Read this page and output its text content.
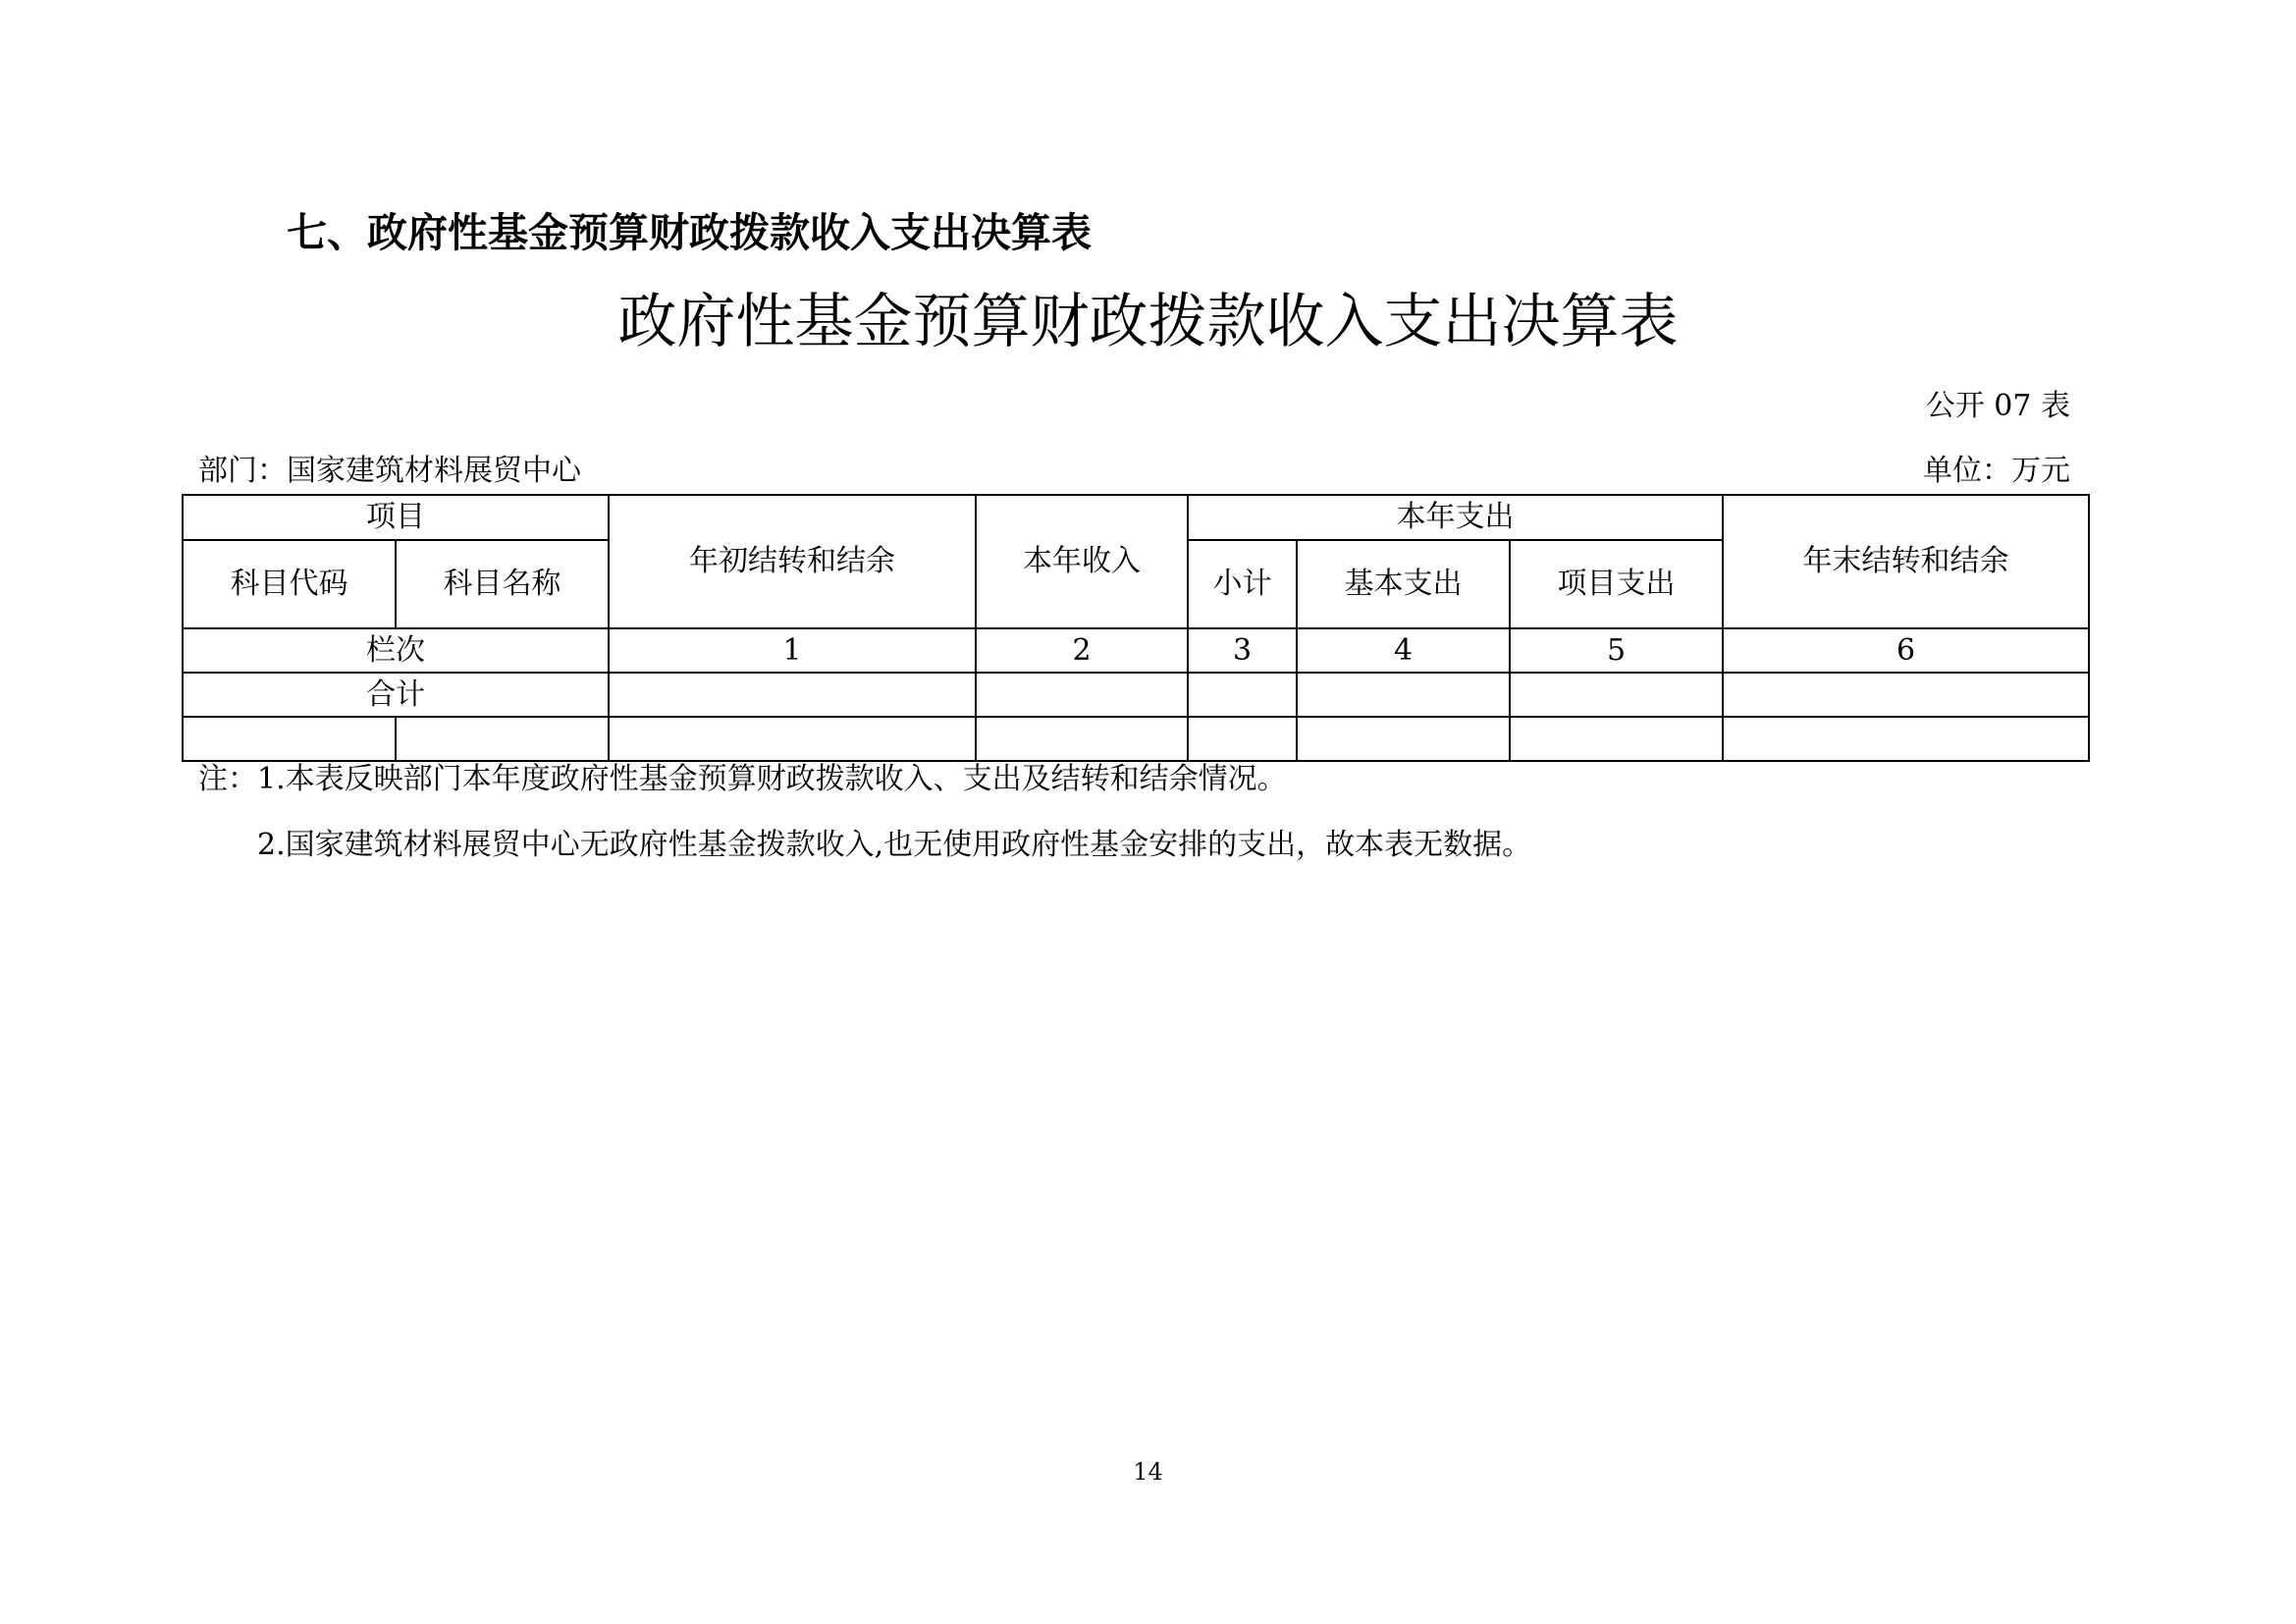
七、政府性基金预算财政拨款收入支出决算表
政府性基金预算财政拨款收入支出决算表
公开 07 表
部门：国家建筑材料展贸中心	单位：万元
项目		年初结转和结余	本年收入	本年支出			年末结转和结余
科目代码	科目名称			小计	基本支出	项目支出	
栏次		1	2	3	4	5	6
合计							

注：1.本表反映部门本年度政府性基金预算财政拨款收入、支出及结转和结余情况。
2.国家建筑材料展贸中心无政府性基金拨款收入,也无使用政府性基金安排的支出，故本表无数据。
14
